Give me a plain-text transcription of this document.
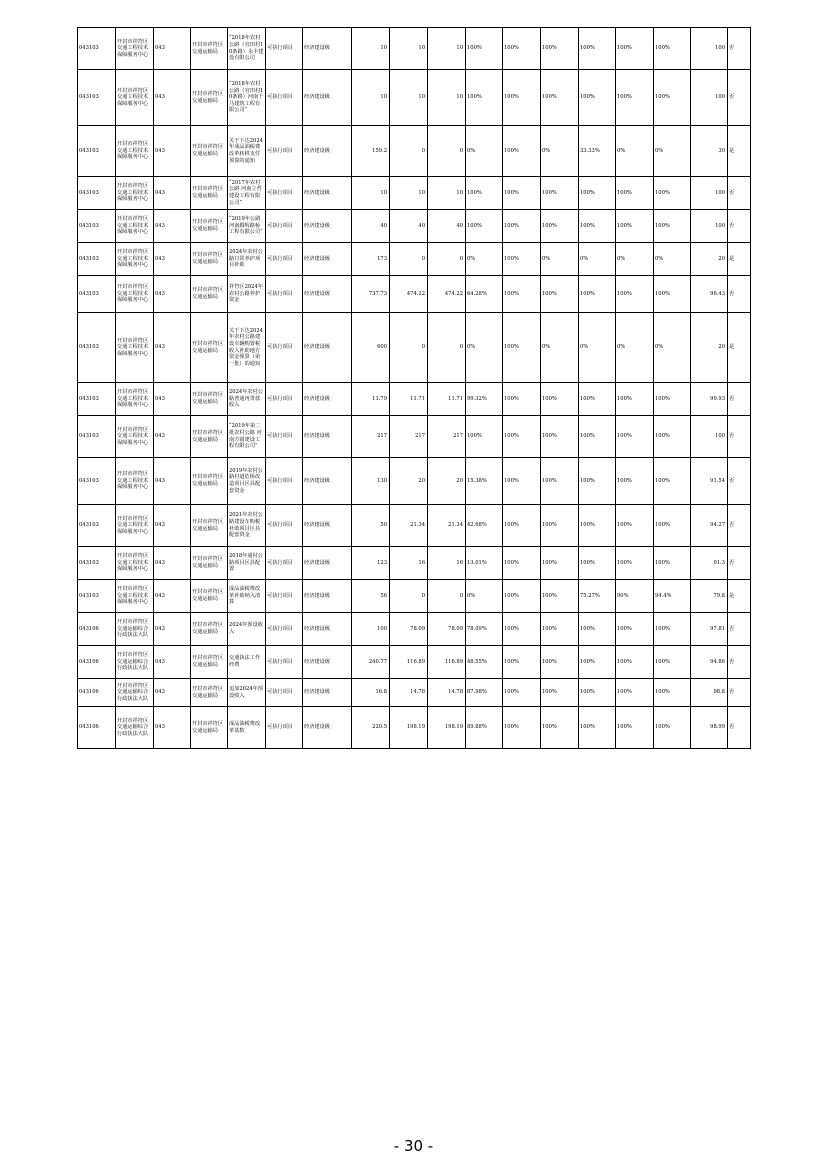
043103	开封市祥符区交通工程技术保障服务中心	043	开封市祥符区交通运输局	“2018年农村公路（官田村10条路）永丰建设有限公司	可执行项目	经济建设级	10	10	10	100%	100%	100%	100%	100%	100%	100	否
043103	开封市祥符区交通工程技术保障服务中心	043	开封市祥符区交通运输局	“2018年农村公路（官田村10条路）河南千马建筑工程有限公司”	可执行项目	经济建设级	10	10	10	100%	100%	100%	100%	100%	100%	100	否
043103	开封市祥符区交通工程技术保障服务中心	043	开封市祥符区交通运输局	关于下达2024年成品油税费改革转移支付预算的通知	可执行项目	经济建设级	159.2	0	0	0%	100%	0%	33.33%	0%	0%	30	是
043103	开封市祥符区交通工程技术保障服务中心	043	开封市祥符区交通运输局	“2017年农村公路 河南立哲建设工程有限公司”	可执行项目	经济建设级	10	10	10	100%	100%	100%	100%	100%	100%	100	否
043103	开封市祥符区交通工程技术保障服务中心	043	开封市祥符区交通运输局	“2019年公路 河南腾辉路桥工程有限公司”	可执行项目	经济建设级	40	40	40	100%	100%	100%	100%	100%	100%	100	否
043103	开封市祥符区交通工程技术保障服务中心	043	开封市祥符区交通运输局	2024年农村公路日常养护项目补助	可执行项目	经济建设级	173	0	0	0%	100%	0%	0%	0%	0%	20	是
043103	开封市祥符区交通工程技术保障服务中心	043	开封市祥符区交通运输局	祥符区2024年农村公路养护资金	可执行项目	经济建设级	737.73	474.22	474.22	64.28%	100%	100%	100%	100%	100%	96.43	否
043103	开封市祥符区交通工程技术保障服务中心	043	开封市祥符区交通运输局	关于下达2024年农村公路建设车辆购置税收入补助地方资金预算（第一批）的通知	可执行项目	经济建设级	600	0	0	0%	100%	0%	0%	0%	0%	20	是
043103	开封市祥符区交通工程技术保障服务中心	043	开封市祥符区交通运输局	2024年农村公路普通再贷款收入	可执行项目	经济建设级	11.79	11.71	11.71	99.32%	100%	100%	100%	100%	100%	99.93	否
043103	开封市祥符区交通工程技术保障服务中心	043	开封市祥符区交通运输局	“2019年第二批农村公路 河南方圆建设工程有限公司”	可执行项目	经济建设级	217	217	217	100%	100%	100%	100%	100%	100%	100	否
043103	开封市祥符区交通工程技术保障服务中心	043	开封市祥符区交通运输局	2019年农村公路村道危桥改造项目区县配套资金	可执行项目	经济建设级	130	20	20	15.38%	100%	100%	100%	100%	100%	91.54	否
043103	开封市祥符区交通工程技术保障服务中心	043	开封市祥符区交通运输局	2021年农村公路建设车购税补助项目区县配套资金	可执行项目	经济建设级	50	21.34	21.34	42.68%	100%	100%	100%	100%	100%	94.27	否
043103	开封市祥符区交通工程技术保障服务中心	043	开封市祥符区交通运输局	2018年通村公路项目区县配置	可执行项目	经济建设级	123	16	16	13.01%	100%	100%	100%	100%	100%	91.3	否
043103	开封市祥符区交通工程技术保障服务中心	043	开封市祥符区交通运输局	成品油税费改革补助纳入清算	可执行项目	经济建设级	56	0	0	0%	100%	100%	75.27%	90%	94.4%	79.8	是
043106	开封市祥符区交通运输综合行政执法大队	043	开封市祥符区交通运输局	2024年预设收入	可执行项目	经济建设级	100	78.09	78.09	78.09%	100%	100%	100%	100%	100%	97.81	否
043106	开封市祥符区交通运输综合行政执法大队	043	开封市祥符区交通运输局	交通执法工作经费	可执行项目	经济建设级	240.77	116.89	116.89	48.55%	100%	100%	100%	100%	100%	94.86	否
043106	开封市祥符区交通运输综合行政执法大队	043	开封市祥符区交通运输局	追加2024年预设收入	可执行项目	经济建设级	16.8	14.78	14.78	87.98%	100%	100%	100%	100%	100%	98.8	否
043106	开封市祥符区交通运输综合行政执法大队	043	开封市祥符区交通运输局	成品油税费改革基数	可执行项目	经济建设级	220.5	198.19	198.19	89.88%	100%	100%	100%	100%	100%	98.99	否
- 30 -
